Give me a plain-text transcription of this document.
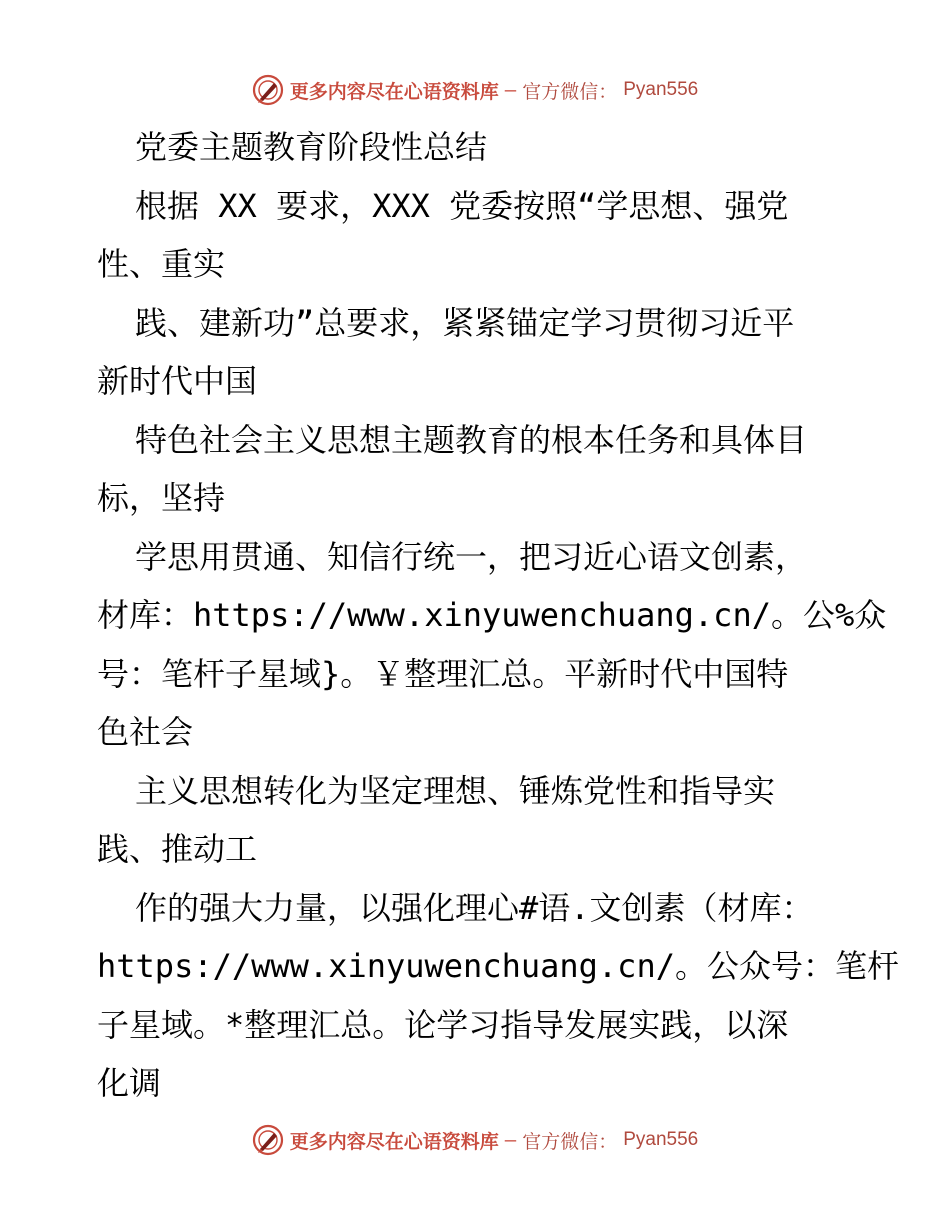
更多内容尽在心语资料库 — 官方微信： Pyan556
党委主题教育阶段性总结
根据 XX 要求，XXX 党委按照“学思想、强党
性、重实
践、建新功”总要求，紧紧锚定学习贯彻习近平
新时代中国
特色社会主义思想主题教育的根本任务和具体目
标，坚持
学思用贯通、知信行统一，把习近心语文创素，
材库：https://www.xinyuwenchuang.cn/。公%众
号：笔杆子星域}。￥整理汇总。平新时代中国特
色社会
主义思想转化为坚定理想、锤炼党性和指导实
践、推动工
作的强大力量，以强化理心#语.文创素（材库：
https://www.xinyuwenchuang.cn/。公众号：笔杆
子星域。*整理汇总。论学习指导发展实践，以深
化调
更多内容尽在心语资料库 — 官方微信： Pyan556
